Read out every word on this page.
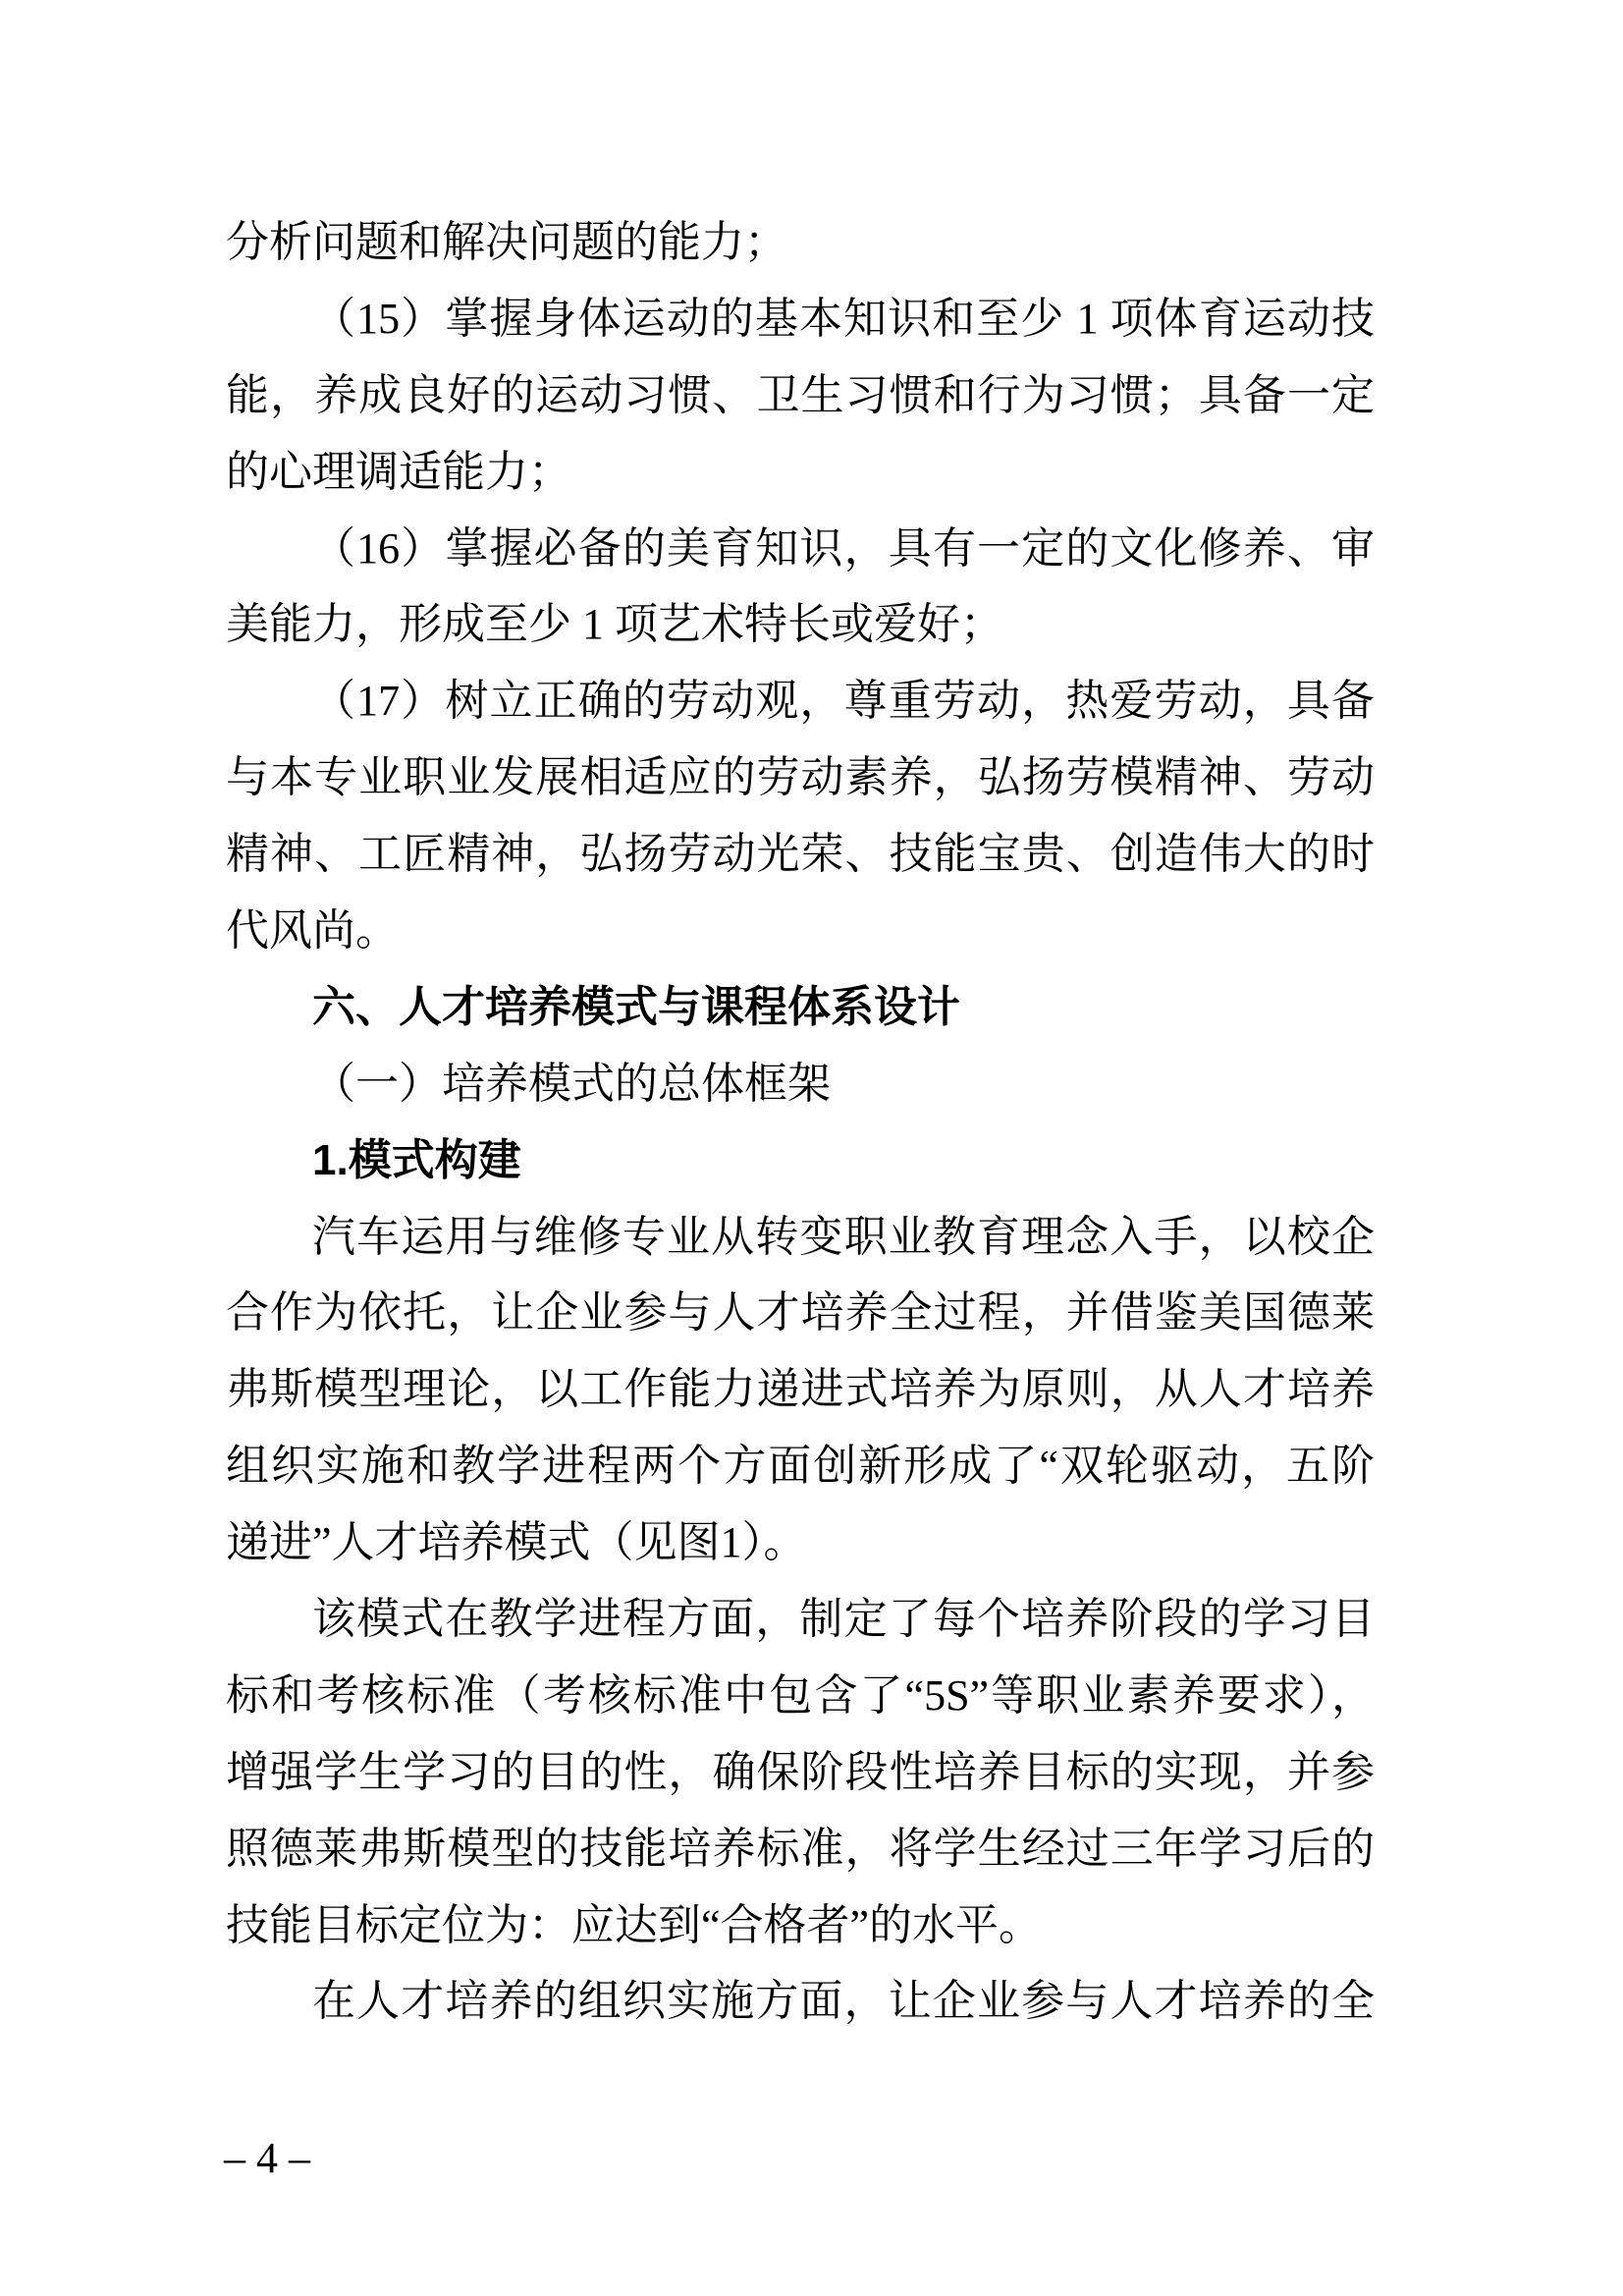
分析问题和解决问题的能力；
（15）掌握身体运动的基本知识和至少 1 项体育运动技
能，养成良好的运动习惯、卫生习惯和行为习惯；具备一定
的心理调适能力；
（16）掌握必备的美育知识，具有一定的文化修养、审
美能力，形成至少 1 项艺术特长或爱好；
（17）树立正确的劳动观，尊重劳动，热爱劳动，具备
与本专业职业发展相适应的劳动素养，弘扬劳模精神、劳动
精神、工匠精神，弘扬劳动光荣、技能宝贵、创造伟大的时
代风尚。
六、人才培养模式与课程体系设计
（一）培养模式的总体框架
1.模式构建
汽车运用与维修专业从转变职业教育理念入手，以校企
合作为依托，让企业参与人才培养全过程，并借鉴美国德莱
弗斯模型理论，以工作能力递进式培养为原则，从人才培养
组织实施和教学进程两个方面创新形成了“双轮驱动，五阶
递进”人才培养模式（见图1）。
该模式在教学进程方面，制定了每个培养阶段的学习目
标和考核标准（考核标准中包含了“5S”等职业素养要求），
增强学生学习的目的性，确保阶段性培养目标的实现，并参
照德莱弗斯模型的技能培养标准，将学生经过三年学习后的
技能目标定位为：应达到“合格者”的水平。
在人才培养的组织实施方面，让企业参与人才培养的全
– 4 –
